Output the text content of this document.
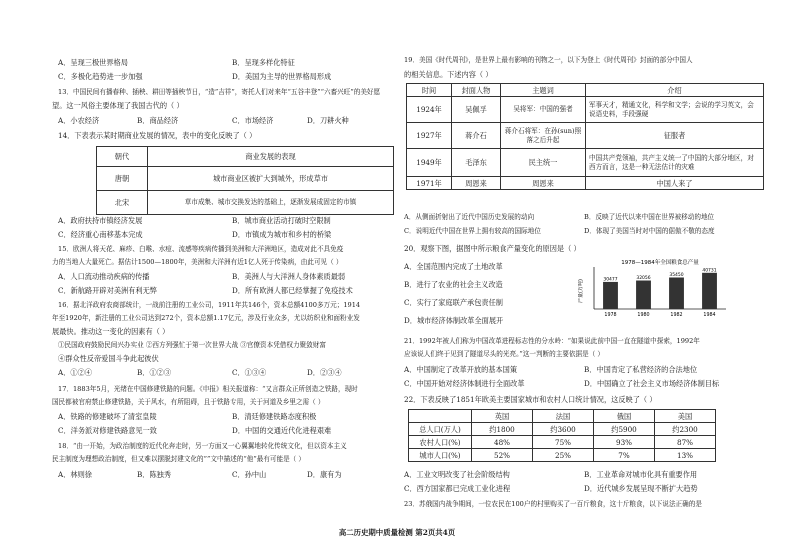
A．呈现三极世界格局	B．呈现多样化特征
C．多极化趋势进一步加强	D．美国为主导的世界格局形成
13．中国民间有播春种、插秧、耕田等插秧节日，“造”吉祥”，寄托人们对来年“五谷丰登”“六畜兴旺”的美好愿
望。这一风俗主要体现了我国古代的（ ）
A．小农经济	B．商品经济	C．市场经济	D．刀耕火种
14．下表表示某时期商业发展的情况，表中的变化反映了（ ）
朝代	商业发展的表现
唐朝	城市商业区被扩大到城外，形成草市
北宋	草市成集、城市交换发达的基础上，逐渐发展成固定的市镇
A．政府扶持市镇经济发展	B．城市商业活动打破时空限制
C．经济重心南移基本完成	D．市镇成为城市和乡村的桥梁
15．欧洲人将天花、麻疹、白喉、水痘、流感等疾病传播到美洲和大洋洲地区，造成对此不具免疫
力的当地人大量死亡。据估计1500—1800年，美洲和大洋洲有近1亿人死于传染病，由此可见（ ）
A．人口流动推动疾病的传播	B．美洲人与大洋洲人身体素质最弱
C．新航路开辟对美洲有利无弊	D．所有欧洲人都已经掌握了免疫技术
16．据北洋政府农商部统计，一战前注册的工业公司，1911年共146个，资本总额4100多万元；1914
年至1920年，新注册的工业公司达到272个，资本总额1.17亿元，涉及行业众多，尤以纺织业和面粉业发
展最快。推动这一变化的因素有（ ）
①民国政府鼓励民间兴办实业 ②西方列强忙于第一次世界大战 ③官僚资本凭借权力聚敛财富
④群众性反帝爱国斗争此起彼伏
A．①②④	B．①②③	C．①③④	D．②③④
17．1883年5月，光绪在中国修建铁路的问题。《申报》相关报道称：“又言群众正所创造之铁路，现时
国民都被官府禁止修建铁路，关于风水，有所阻碍，且于铁路专用，关于河道及乡里之需（ ）
A．铁路的修建破坏了清室皇陵	B．清廷修建铁路态度积极
C．洋务派对修建铁路意见一致	D．中国的交通近代化进程艰难
18．“由一开始，为政治制度的近代化奔走时，另一方面又一心翼翼地转化传统文化，但以资本主义
民主制度为理想政治制度，但又难以摆脱封建文化的””文中描述的“他”最有可能是（ ）
A．林则徐	B．陈独秀	C．孙中山	D．康有为
19．美国《时代周刊》，是世界上最有影响的刊物之一，以下为登上《时代周刊》封面的部分中国人
的相关信息。下述内容（ ）
时间	封面人物	主题词	介绍
1924年	吴佩孚	吴将军：中国的强者	军事天才，精通文化，科学和文学；会说的学习英文，会说语史料，手段强硬
1927年	蒋介石	蒋介石将军：在孙(sun)照落之后升起	征服者
1949年	毛泽东	民主统一	中国共产党领袖，共产主义统一了中国的大部分地区，对西方而言，这是一种无法估计的灾难
1971年	周恩来	周恩来	中国人来了
A．从侧面折射出了近代中国历史发展的动向	B．反映了近代以来中国在世界被移动的地位
C．说明近代中国在世界上拥有较高的国际地位	D．体现了美国当时对中国的倨傲不敬的态度
20．观察下图，据图中所示粮食产量变化的原因是（ ）
A．全国范围内完成了土地改革
B．进行了农业的社会主义改造
C．实行了家庭联产承包责任制
D．城市经济体制改革全面展开
1978—1984年全国粮食总产量
产量(万吨)	30477
1978
32056
1980
35450
1982
40731
1984
21．1992年被人们称为中国改革进程标志性的分水岭：“如果说此前中国一直在隧道中探索，1992年
应该说人们终于见到了隧道尽头的光亮。”这一判断的主要依据是（ ）
A．中国制定了改革开放的基本国策	B．中国肯定了私营经济的合法地位
C．中国开始对经济体制进行全面改革	D．中国确立了社会主义市场经济体制目标
22．下表反映了1851年欧美主要国家城市和农村人口统计情况，这反映了（ ）
	英国	法国	俄国	美国
总人口(万人)	约1800	约3600	约5900	约2300
农村人口(%)	48%	75%	93%	87%
城市人口(%)	52%	25%	7%	13%
A．工业文明改变了社会阶级结构	B．工业革命对城市化具有重要作用
C．西方国家都已完成工业化进程	D．近代城乡发展呈现不断扩大趋势
23．苏俄国内战争期间，一位农民在100户的村里购买了一百斤粮食，这十斤粮食，以下说法正确的是
高二历史期中质量检测 第2页共4页
